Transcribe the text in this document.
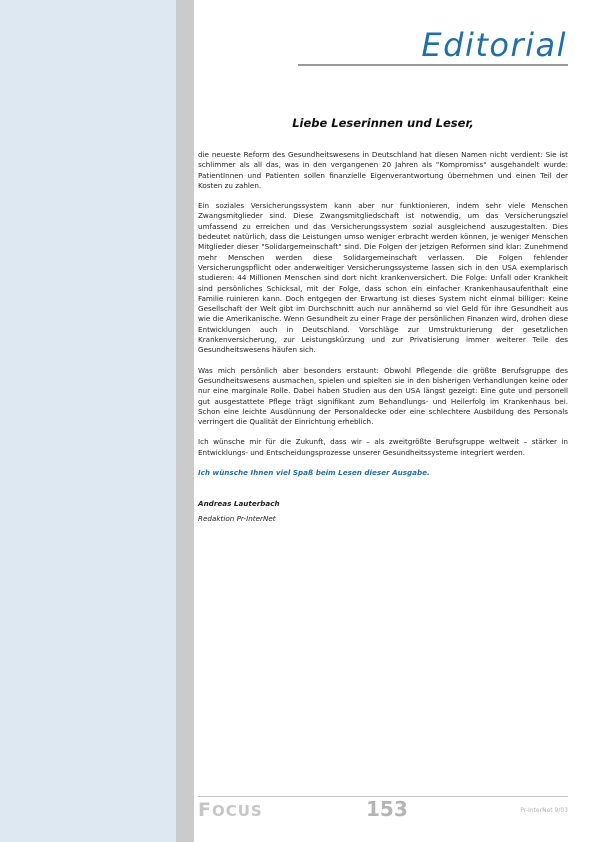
Editorial

Liebe Leserinnen und Leser,

die neueste Reform des Gesundheitswesens in Deutschland hat diesen Namen nicht verdient: Sie ist schlimmer als all das, was in den vergangenen 20 Jahren als "Kompromiss" ausgehandelt wurde: PatientInnen und Patienten sollen finanzielle Eigenverantwortung übernehmen und einen Teil der Kosten zu zahlen.

Ein soziales Versicherungssystem kann aber nur funktionieren, indem sehr viele Menschen Zwangsmitglieder sind. Diese Zwangsmitgliedschaft ist notwendig, um das Versicherungsziel umfassend zu erreichen und das Versicherungssystem sozial ausgleichend auszugestalten. Dies bedeutet natürlich, dass die Leistungen umso weniger erbracht werden können, je weniger Menschen Mitglieder dieser "Solidargemeinschaft" sind. Die Folgen der jetzigen Reformen sind klar: Zunehmend mehr Menschen werden diese Solidargemeinschaft verlassen. Die Folgen fehlender Versicherungspflicht oder anderweitiger Versicherungssysteme lassen sich in den USA exemplarisch studieren: 44 Millionen Menschen sind dort nicht krankenversichert. Die Folge: Unfall oder Krankheit sind persönliches Schicksal, mit der Folge, dass schon ein einfacher Krankenhausaufenthalt eine Familie ruinieren kann. Doch entgegen der Erwartung ist dieses System nicht einmal billiger: Keine Gesellschaft der Welt gibt im Durchschnitt auch nur annähernd so viel Geld für ihre Gesundheit aus wie die Amerikanische. Wenn Gesundheit zu einer Frage der persönlichen Finanzen wird, drohen diese Entwicklungen auch in Deutschland. Vorschläge zur Umstrukturierung der gesetzlichen Krankenversicherung, zur Leistungskürzung und zur Privatisierung immer weiterer Teile des Gesundheitswesens häufen sich.

Was mich persönlich aber besonders erstaunt: Obwohl Pflegende die größte Berufsgruppe des Gesundheitswesens ausmachen, spielen und spielten sie in den bisherigen Verhandlungen keine oder nur eine marginale Rolle. Dabei haben Studien aus den USA längst gezeigt: Eine gute und personell gut ausgestattete Pflege trägt signifikant zum Behandlungs- und Heilerfolg im Krankenhaus bei. Schon eine leichte Ausdünnung der Personaldecke oder eine schlechtere Ausbildung des Personals verringert die Qualität der Einrichtung erheblich.

Ich wünsche mir für die Zukunft, dass wir – als zweitgrößte Berufsgruppe weltweit – stärker in Entwicklungs- und Entscheidungsprozesse unserer Gesundheitssysteme integriert werden.

Ich wünsche Ihnen viel Spaß beim Lesen dieser Ausgabe.

Andreas Lauterbach

Redaktion Pr-InterNet

FOCUS	153	Pr-InterNet 9/03
